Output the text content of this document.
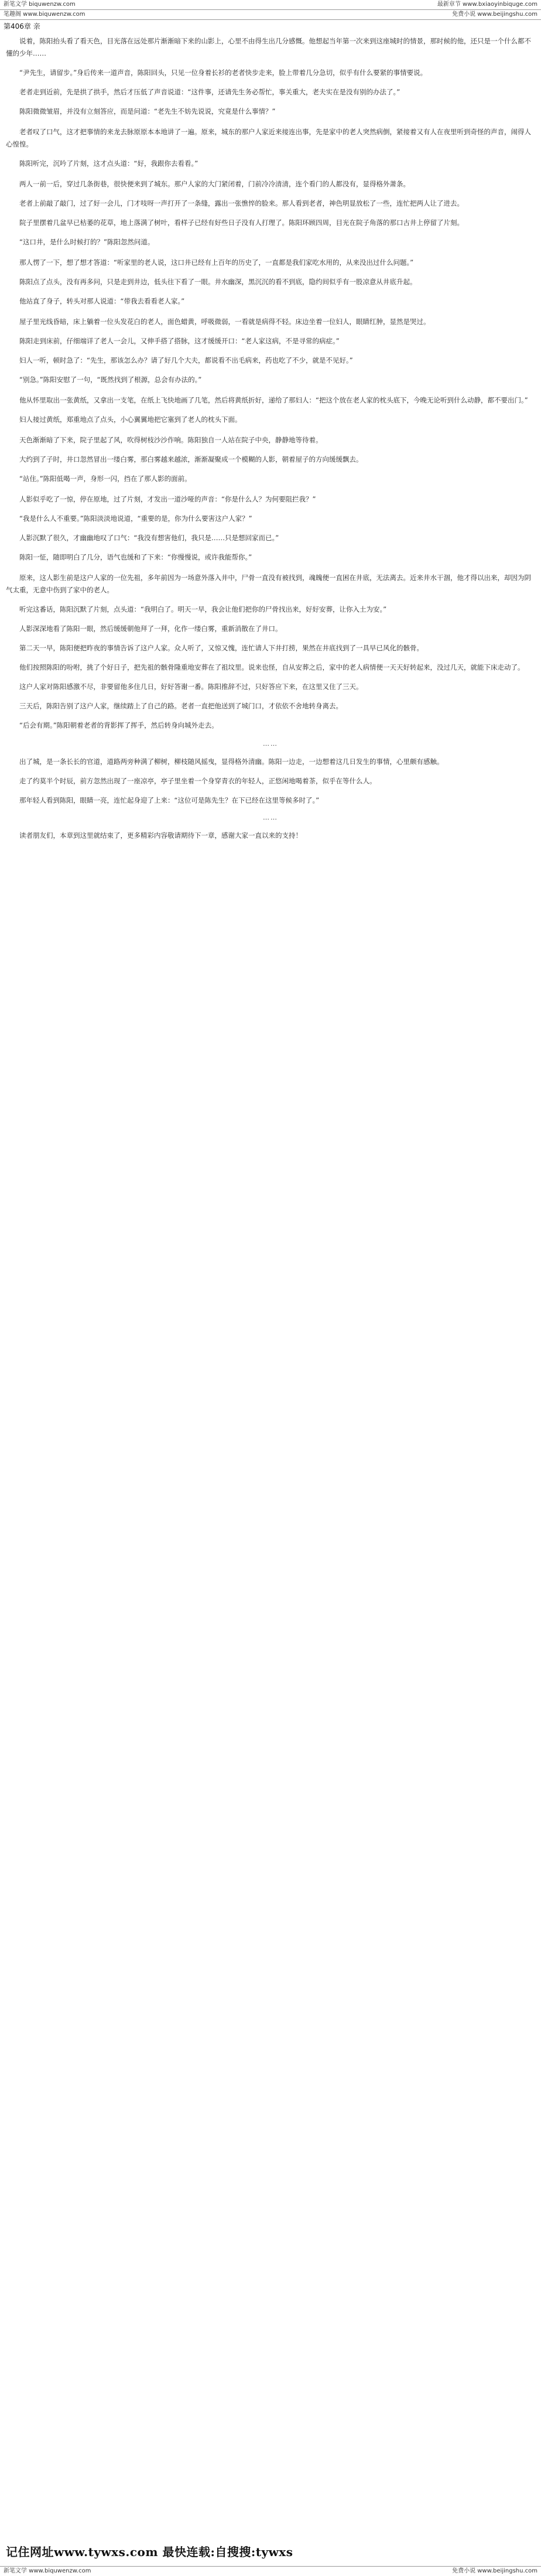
新笔文学 biquwenzw.com	最新章节 www.bxiaoyinbiquge.com
笔趣阁 www.biquwenzw.com	免费小说 www.beijingshu.com
第406章 亲

说着，陈阳抬头看了看天色，目光落在远处那片渐渐暗下来的山影上，心里不由得生出几分感慨。他想起当年第一次来到这座城时的情景，那时候的他，还只是一个什么都不懂的少年……

“尹先生，请留步。”身后传来一道声音，陈阳回头，只见一位身着长衫的老者快步走来，脸上带着几分急切，似乎有什么要紧的事情要说。

老者走到近前，先是拱了拱手，然后才压低了声音说道：“这件事，还请先生务必帮忙，事关重大，老夫实在是没有别的办法了。”

陈阳微微皱眉，并没有立刻答应，而是问道：“老先生不妨先说说，究竟是什么事情？”

老者叹了口气，这才把事情的来龙去脉原原本本地讲了一遍。原来，城东的那户人家近来接连出事，先是家中的老人突然病倒，紧接着又有人在夜里听到奇怪的声音，闹得人心惶惶。

陈阳听完，沉吟了片刻，这才点头道：“好，我跟你去看看。”

两人一前一后，穿过几条街巷，很快便来到了城东。那户人家的大门紧闭着，门前冷冷清清，连个看门的人都没有，显得格外萧条。

老者上前敲了敲门，过了好一会儿，门才吱呀一声打开了一条缝，露出一张憔悴的脸来。那人看到老者，神色明显放松了一些，连忙把两人让了进去。

院子里摆着几盆早已枯萎的花草，地上落满了树叶，看样子已经有好些日子没有人打理了。陈阳环顾四周，目光在院子角落的那口古井上停留了片刻。

“这口井，是什么时候打的？”陈阳忽然问道。

那人愣了一下，想了想才答道：“听家里的老人说，这口井已经有上百年的历史了，一直都是我们家吃水用的，从来没出过什么问题。”

陈阳点了点头，没有再多问，只是走到井边，低头往下看了一眼。井水幽深，黑沉沉的看不到底，隐约间似乎有一股凉意从井底升起。

他站直了身子，转头对那人说道：“带我去看看老人家。”

屋子里光线昏暗，床上躺着一位头发花白的老人，面色蜡黄，呼吸微弱，一看就是病得不轻。床边坐着一位妇人，眼睛红肿，显然是哭过。

陈阳走到床前，仔细端详了老人一会儿，又伸手搭了搭脉，这才缓缓开口：“老人家这病，不是寻常的病症。”

妇人一听，顿时急了：“先生，那该怎么办？请了好几个大夫，都说看不出毛病来，药也吃了不少，就是不见好。”

“别急。”陈阳安慰了一句，“既然找到了根源，总会有办法的。”

他从怀里取出一张黄纸，又拿出一支笔，在纸上飞快地画了几笔，然后将黄纸折好，递给了那妇人：“把这个放在老人家的枕头底下，今晚无论听到什么动静，都不要出门。”

妇人接过黄纸，郑重地点了点头，小心翼翼地把它塞到了老人的枕头下面。

天色渐渐暗了下来，院子里起了风，吹得树枝沙沙作响。陈阳独自一人站在院子中央，静静地等待着。

大约到了子时，井口忽然冒出一缕白雾，那白雾越来越浓，渐渐凝聚成一个模糊的人影，朝着屋子的方向缓缓飘去。

“站住。”陈阳低喝一声，身形一闪，挡在了那人影的面前。

人影似乎吃了一惊，停在原地，过了片刻，才发出一道沙哑的声音：“你是什么人？为何要阻拦我？”

“我是什么人不重要。”陈阳淡淡地说道，“重要的是，你为什么要害这户人家？”

人影沉默了很久，才幽幽地叹了口气：“我没有想害他们，我只是……只是想回家而已。”

陈阳一怔，随即明白了几分，语气也缓和了下来：“你慢慢说，或许我能帮你。”

原来，这人影生前是这户人家的一位先祖，多年前因为一场意外落入井中，尸骨一直没有被找到，魂魄便一直困在井底，无法离去。近来井水干涸，他才得以出来，却因为阴气太重，无意中伤到了家中的老人。

听完这番话，陈阳沉默了片刻，点头道：“我明白了。明天一早，我会让他们把你的尸骨找出来，好好安葬，让你入土为安。”

人影深深地看了陈阳一眼，然后缓缓朝他拜了一拜，化作一缕白雾，重新消散在了井口。

第二天一早，陈阳便把昨夜的事情告诉了这户人家。众人听了，又惊又愧，连忙请人下井打捞，果然在井底找到了一具早已风化的骸骨。

他们按照陈阳的吩咐，挑了个好日子，把先祖的骸骨隆重地安葬在了祖坟里。说来也怪，自从安葬之后，家中的老人病情便一天天好转起来，没过几天，就能下床走动了。

这户人家对陈阳感激不尽，非要留他多住几日，好好答谢一番。陈阳推辞不过，只好答应下来，在这里又住了三天。

三天后，陈阳告别了这户人家，继续踏上了自己的路。老者一直把他送到了城门口，才依依不舍地转身离去。

“后会有期。”陈阳朝着老者的背影挥了挥手，然后转身向城外走去。

……

出了城，是一条长长的官道，道路两旁种满了柳树，柳枝随风摇曳，显得格外清幽。陈阳一边走，一边想着这几日发生的事情，心里颇有感触。

走了约莫半个时辰，前方忽然出现了一座凉亭，亭子里坐着一个身穿青衣的年轻人，正悠闲地喝着茶，似乎在等什么人。

那年轻人看到陈阳，眼睛一亮，连忙起身迎了上来：“这位可是陈先生？在下已经在这里等候多时了。”

……

读者朋友们，本章到这里就结束了，更多精彩内容敬请期待下一章，感谢大家一直以来的支持！

记住网址www.tywxs.com 最快连载:自搜搜:tywxs
新笔文学 www.biquwenzw.com	免费小说 www.beijingshu.com
